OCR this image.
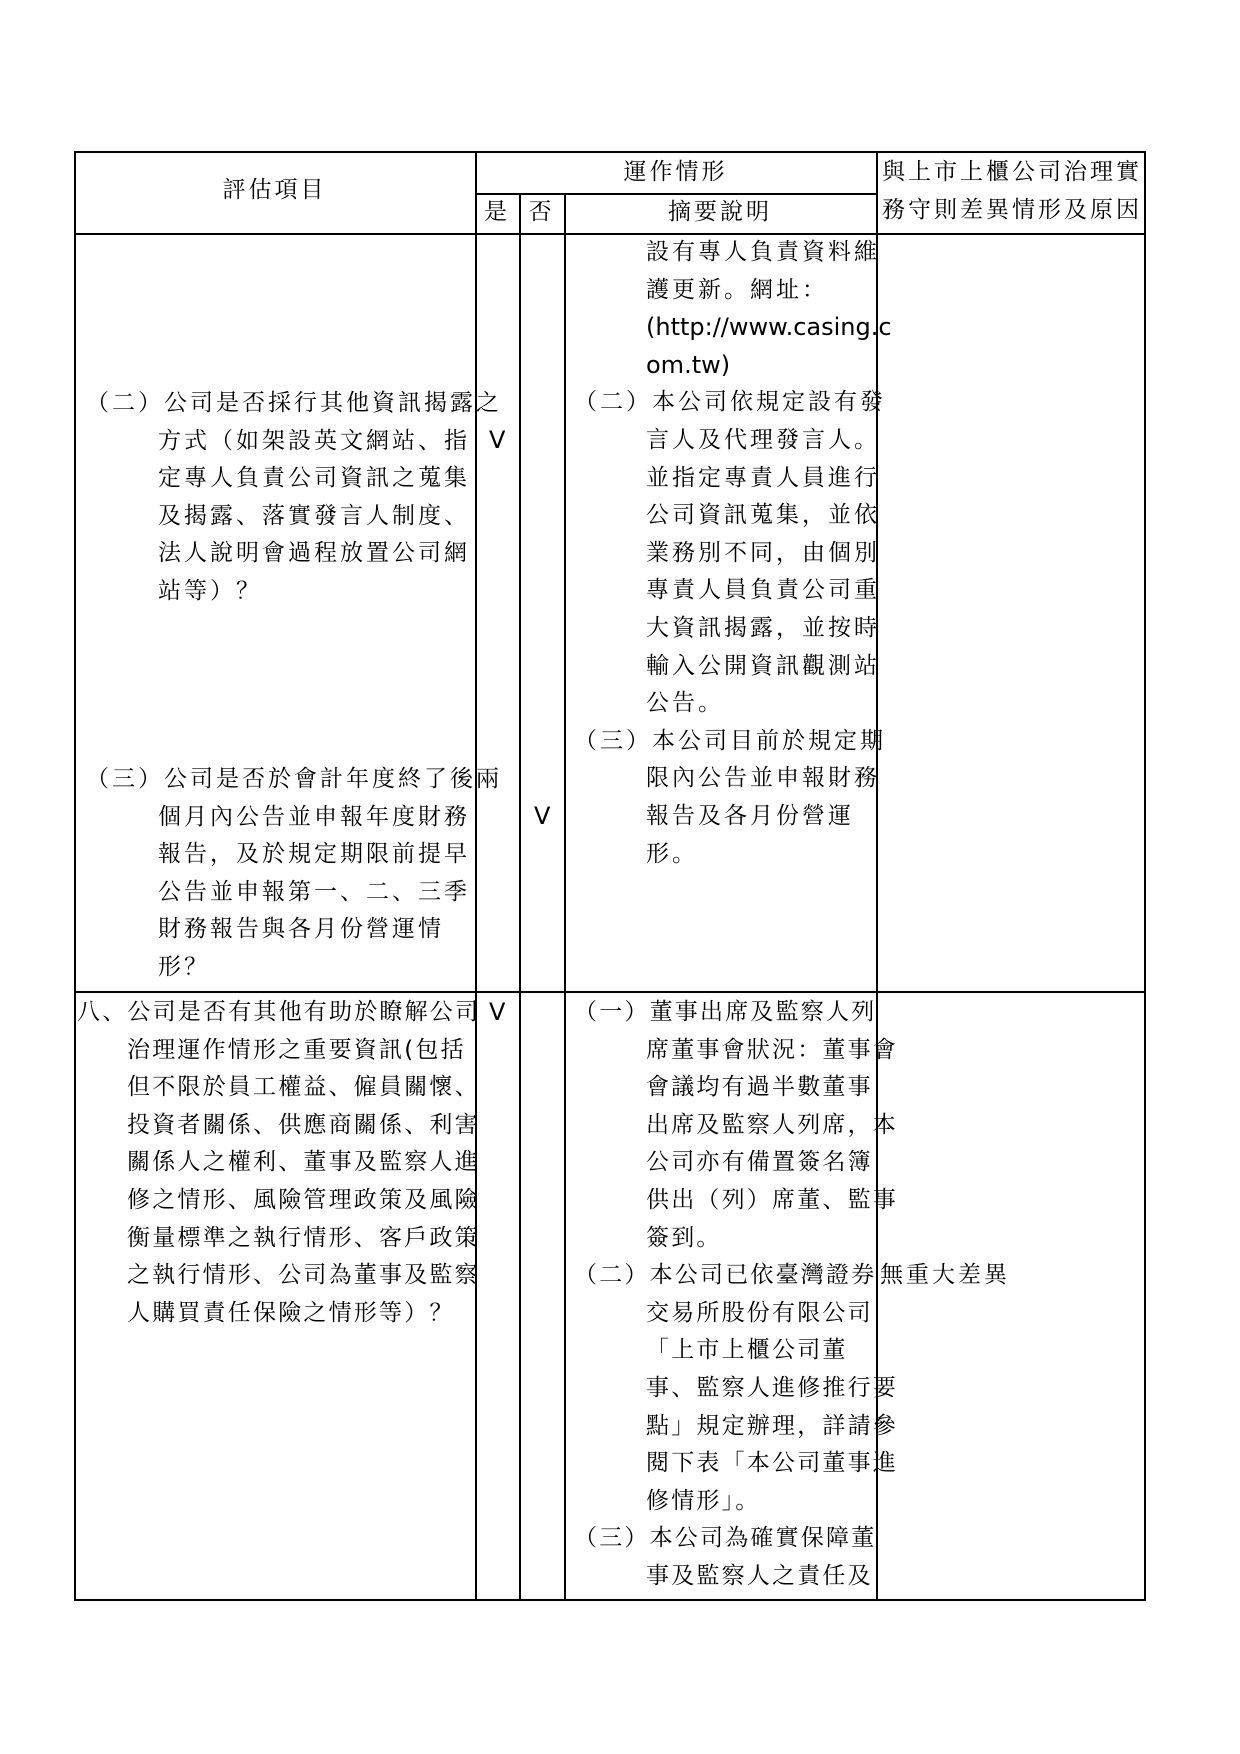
評估項目
運作情形
是 否	摘要說明
與上市上櫃公司治理實
務守則差異情形及原因
（二）公司是否採行其他資訊揭露之
方式（如架設英文網站、指
定專人負責公司資訊之蒐集
及揭露、落實發言人制度、
法人說明會過程放置公司網
站等）？
V
（三）公司是否於會計年度終了後兩
個月內公告並申報年度財務
報告，及於規定期限前提早
公告並申報第一、二、三季
財務報告與各月份營運情
形？
V
設有專人負責資料維
護更新。網址：
(http://www.casing.c
om.tw)
（二）本公司依規定設有發
言人及代理發言人。
並指定專責人員進行
公司資訊蒐集，並依
業務別不同，由個別
專責人員負責公司重
大資訊揭露，並按時
輸入公開資訊觀測站
公告。
（三）本公司目前於規定期
限內公告並申報財務
報告及各月份營運
形。
八、公司是否有其他有助於瞭解公司
治理運作情形之重要資訊(包括
但不限於員工權益、僱員關懷、
投資者關係、供應商關係、利害
關係人之權利、董事及監察人進
修之情形、風險管理政策及風險
衡量標準之執行情形、客戶政策
之執行情形、公司為董事及監察
人購買責任保險之情形等）？
V	（一）董事出席及監察人列
席董事會狀況：董事會
會議均有過半數董事
出席及監察人列席，本
公司亦有備置簽名簿
供出（列）席董、監事
簽到。
（二）本公司已依臺灣證券
交易所股份有限公司
「上市上櫃公司董
事、監察人進修推行要
點」規定辦理，詳請參
閱下表「本公司董事進
修情形」。
（三）本公司為確實保障董
事及監察人之責任及
無重大差異
